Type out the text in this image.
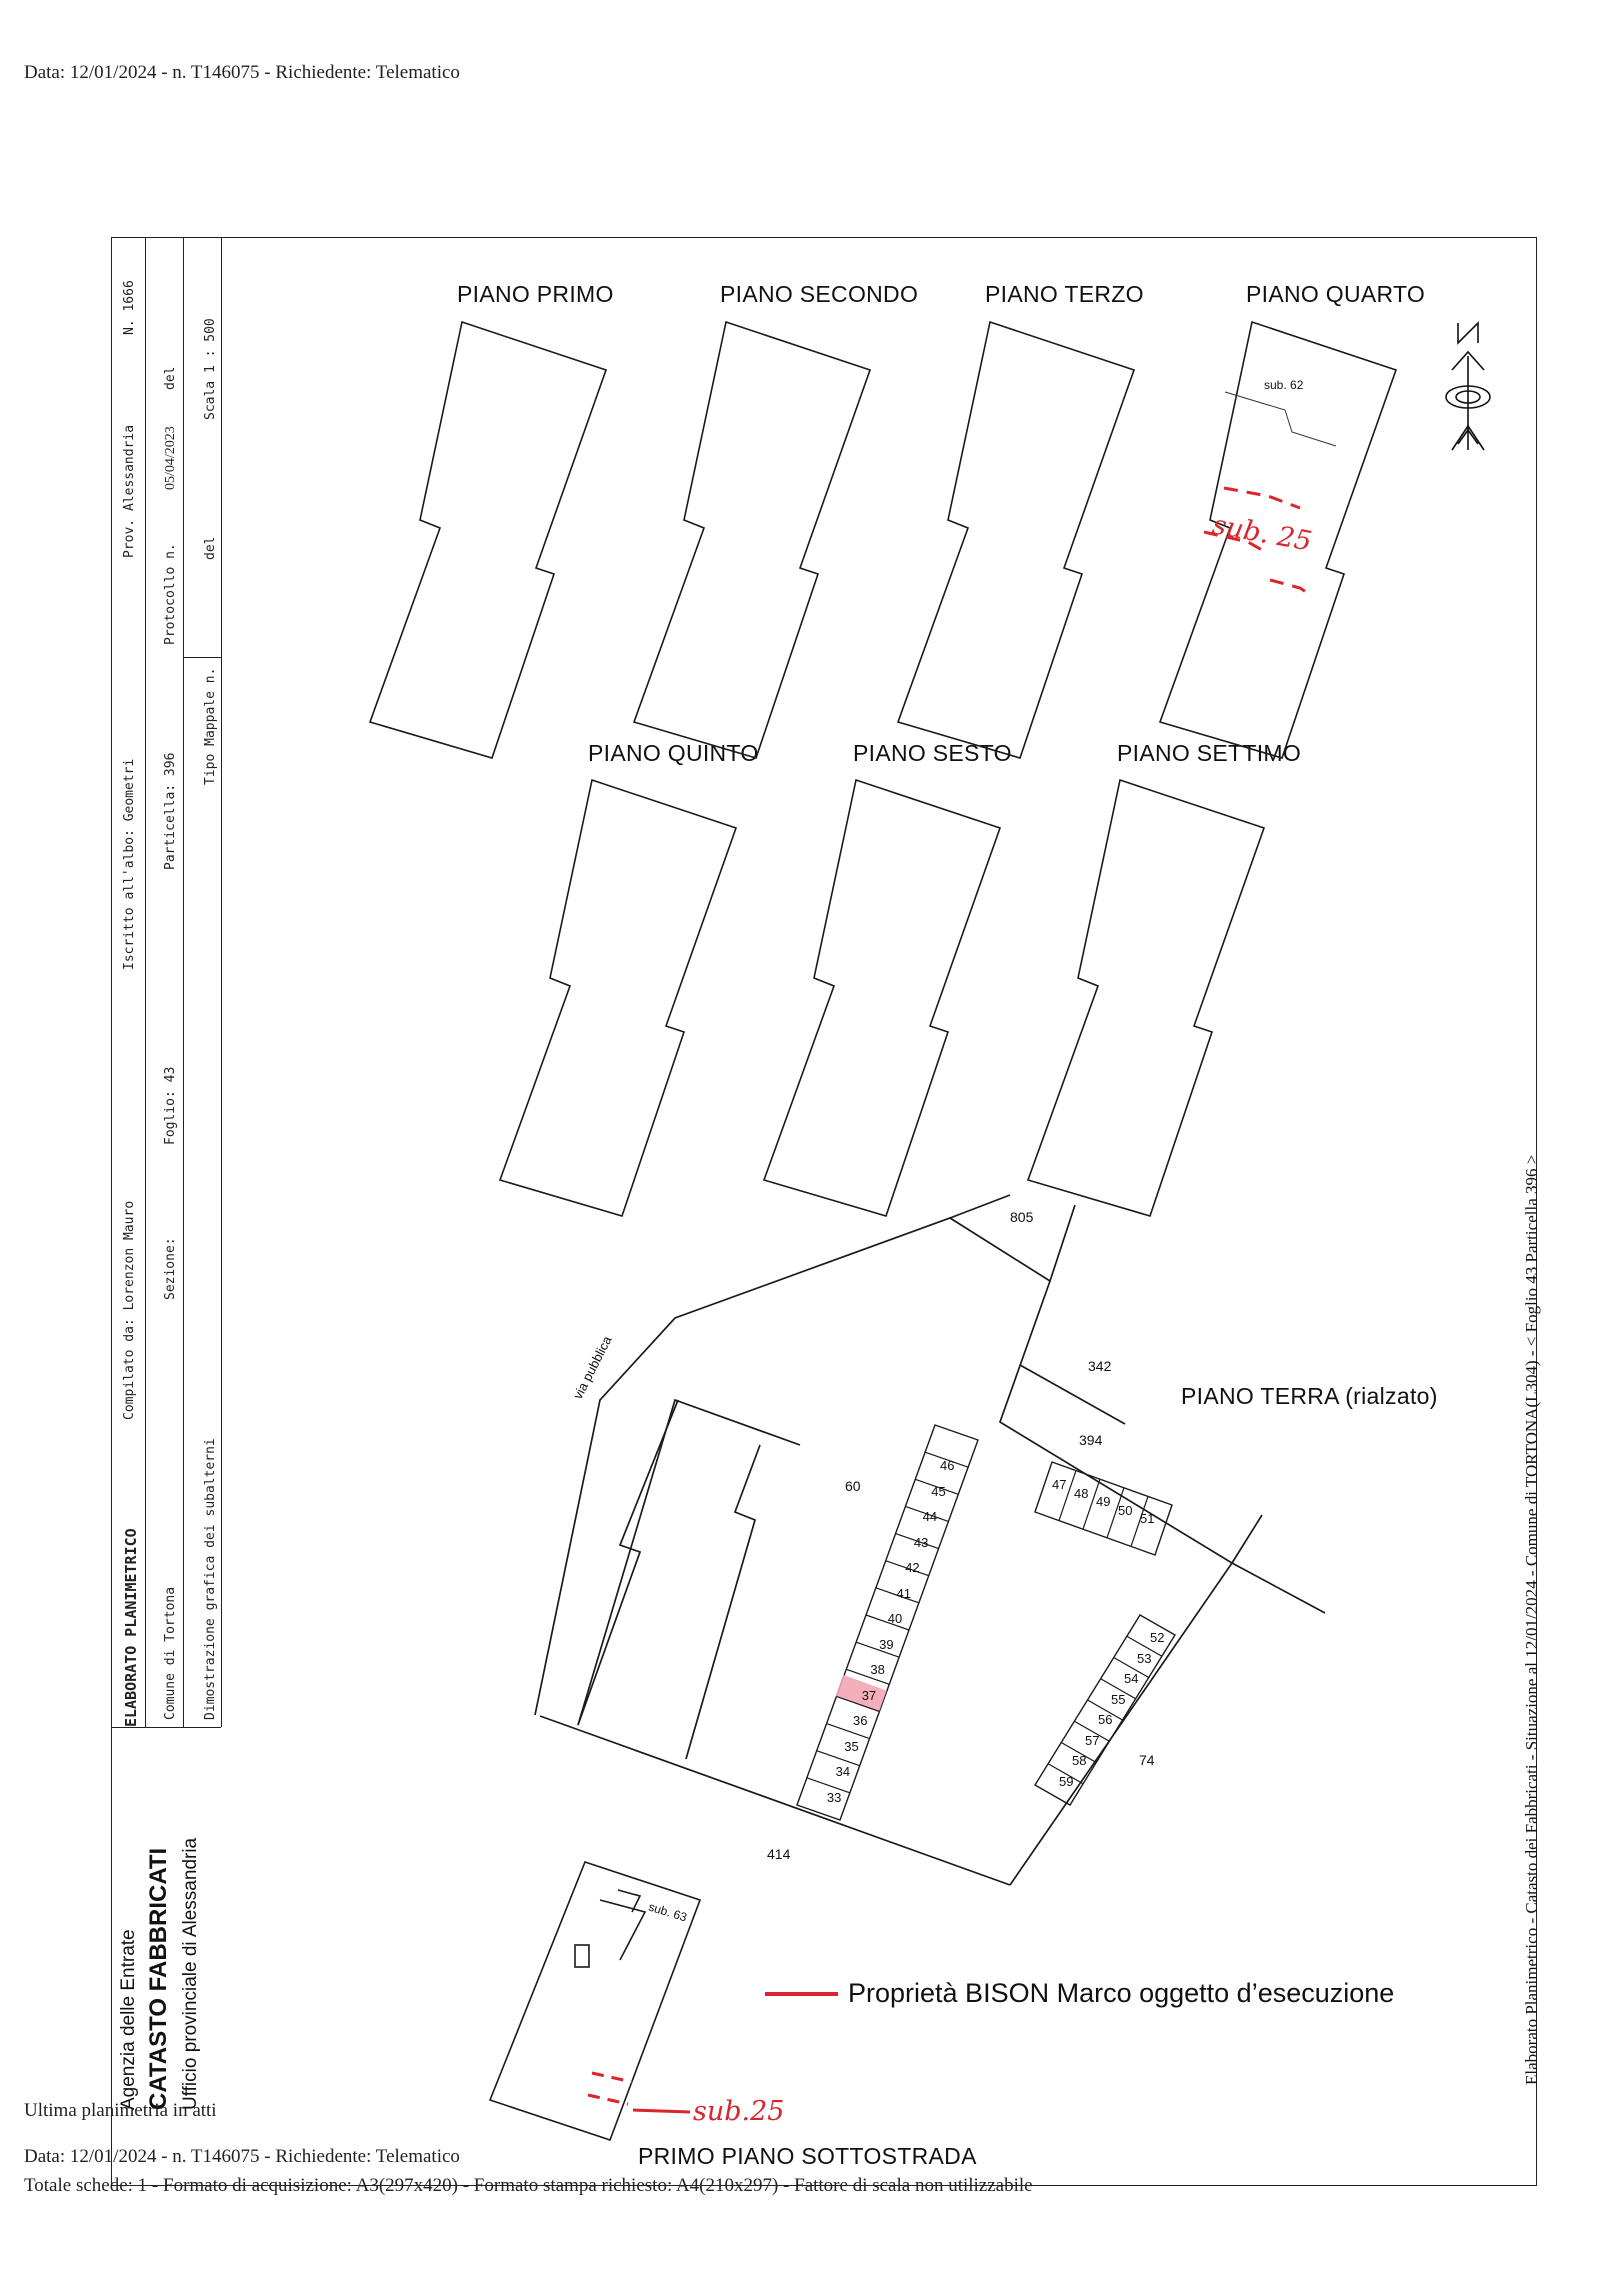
Data: 12/01/2024 - n. T146075 - Richiedente: Telematico
ELABORATO PLANIMETRICO Comune di Tortona Dimostrazione grafica dei subalterni
Compilato da: Lorenzon Mauro Sezione:
Iscritto all'albo: Geometri
Foglio: 43
Particella: 396
Tipo Mappale n.
Prov. Alessandria
N. 1666
Protocollo n.
05/04/2023
del
del
Scala 1 : 500
Agenzia delle Entrate CATASTO FABBRICATI Ufficio provinciale di Alessandria
PIANO PRIMO	PIANO SECONDO	PIANO TERZO	PIANO QUARTO
PIANO QUINTO	PIANO SESTO	PIANO SETTIMO
PIANO TERRA (rialzato)
PRIMO PIANO SOTTOSTRADA
sub. 62
sub. 63
via pubblica
805
342
394
60
74
414
46
45
44
43
42
41
40
39
38
37
36
35
34
33
47
48
49
50
51
52
53
54
55
56
57
58
59
sub. 25
sub.25
Proprietà BISON Marco oggetto d’esecuzione	Elaborato Planimetrico - Catasto dei Fabbricati - Situazione al 12/01/2024 - Comune di TORTONA(L304) - < Foglio 43 Particella 396 >
Ultima planimetria in atti
Data: 12/01/2024 - n. T146075 - Richiedente: Telematico
Totale schede: 1 - Formato di acquisizione: A3(297x420) - Formato stampa richiesto: A4(210x297) - Fattore di scala non utilizzabile
